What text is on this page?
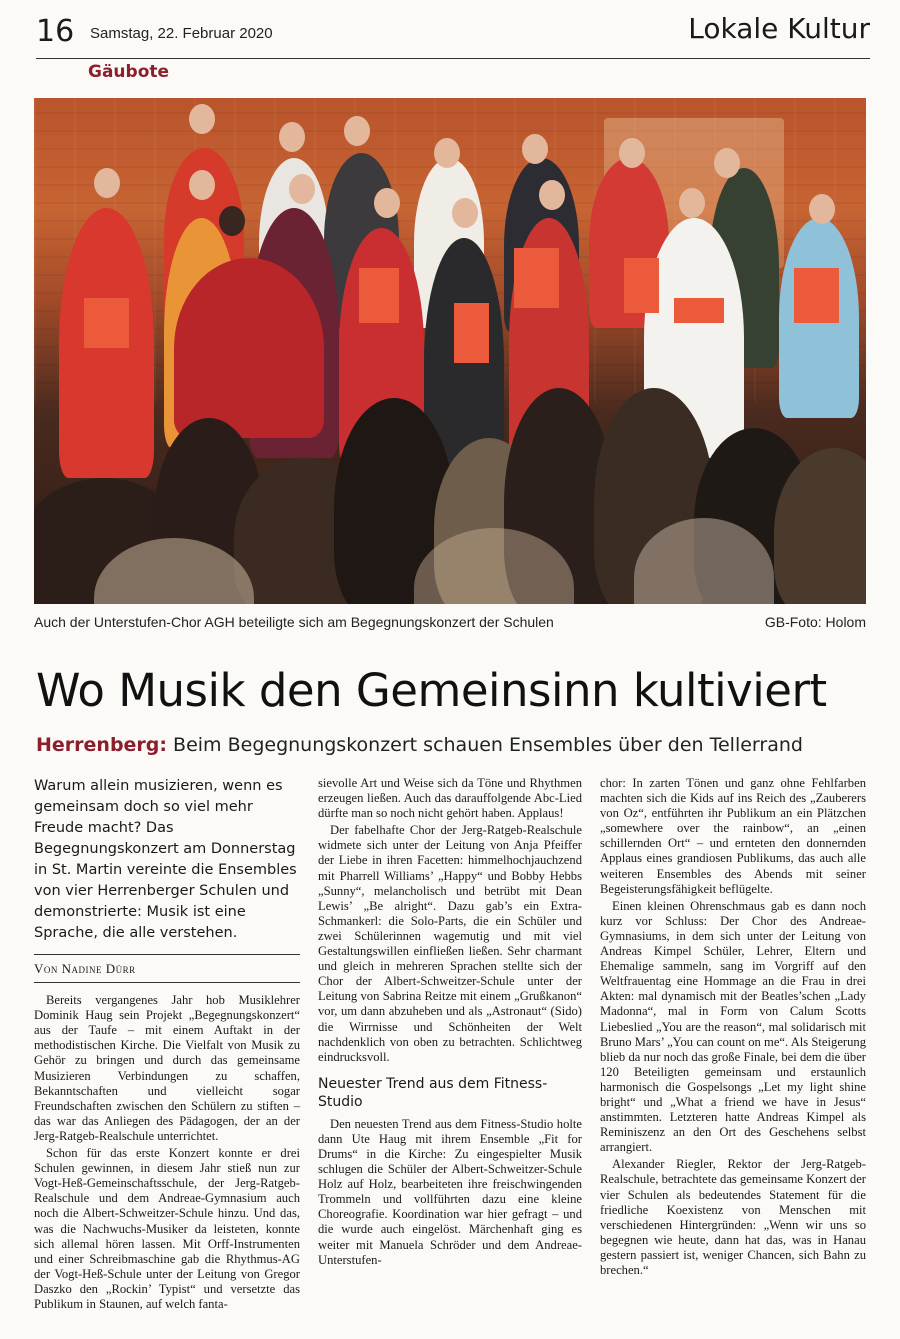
16 Samstag, 22. Februar 2020	Lokale Kultur
Gäubote
Auch der Unterstufen-Chor AGH beteiligte sich am Begegnungskonzert der Schulen	GB-Foto: Holom
Wo Musik den Gemeinsinn kultiviert
Herrenberg: Beim Begegnungskonzert schauen Ensembles über den Tellerrand
Warum allein musizieren, wenn es gemeinsam doch so viel mehr Freude macht? Das Begegnungskonzert am Donnerstag in St. Martin vereinte die Ensembles von vier Herrenberger Schulen und demonstrierte: Musik ist eine Sprache, die alle verstehen.
Von Nadine Dürr

Bereits vergangenes Jahr hob Musiklehrer Dominik Haug sein Projekt „Begegnungskonzert“ aus der Taufe – mit einem Auftakt in der methodistischen Kirche. Die Vielfalt von Musik zu Gehör zu bringen und durch das gemeinsame Musizieren Verbindungen zu schaffen, Bekanntschaften und vielleicht sogar Freundschaften zwischen den Schülern zu stiften – das war das Anliegen des Pädagogen, der an der Jerg-Ratgeb-Realschule unterrichtet.

Schon für das erste Konzert konnte er drei Schulen gewinnen, in diesem Jahr stieß nun zur Vogt-Heß-Gemeinschaftsschule, der Jerg-Ratgeb-Realschule und dem Andreae-Gymnasium auch noch die Albert-Schweitzer-Schule hinzu. Und das, was die Nachwuchs-Musiker da leisteten, konnte sich allemal hören lassen. Mit Orff-Instrumenten und einer Schreibmaschine gab die Rhythmus-AG der Vogt-Heß-Schule unter der Leitung von Gregor Daszko den „Rockin’ Typist“ und versetzte das Publikum in Staunen, auf welch fanta-

sievolle Art und Weise sich da Töne und Rhythmen erzeugen ließen. Auch das darauffolgende Abc-Lied dürfte man so noch nicht gehört haben. Applaus!

Der fabelhafte Chor der Jerg-Ratgeb-Realschule widmete sich unter der Leitung von Anja Pfeiffer der Liebe in ihren Facetten: himmelhochjauchzend mit Pharrell Williams’ „Happy“ und Bobby Hebbs „Sunny“, melancholisch und betrübt mit Dean Lewis’ „Be alright“. Dazu gab’s ein Extra-Schmankerl: die Solo-Parts, die ein Schüler und zwei Schülerinnen wagemutig und mit viel Gestaltungswillen einfließen ließen. Sehr charmant und gleich in mehreren Sprachen stellte sich der Chor der Albert-Schweitzer-Schule unter der Leitung von Sabrina Reitze mit einem „Grußkanon“ vor, um dann abzuheben und als „Astronaut“ (Sido) die Wirrnisse und Schönheiten der Welt nachdenklich von oben zu betrachten. Schlichtweg eindrucksvoll.

Neuester Trend aus dem Fitness-Studio

Den neuesten Trend aus dem Fitness-Studio holte dann Ute Haug mit ihrem Ensemble „Fit for Drums“ in die Kirche: Zu eingespielter Musik schlugen die Schüler der Albert-Schweitzer-Schule Holz auf Holz, bearbeiteten ihre freischwingenden Trommeln und vollführten dazu eine kleine Choreografie. Koordination war hier gefragt – und die wurde auch eingelöst. Märchenhaft ging es weiter mit Manuela Schröder und dem Andreae-Unterstufen-

chor: In zarten Tönen und ganz ohne Fehlfarben machten sich die Kids auf ins Reich des „Zauberers von Oz“, entführten ihr Publikum an ein Plätzchen „somewhere over the rainbow“, an „einen schillernden Ort“ – und ernteten den donnernden Applaus eines grandiosen Publikums, das auch alle weiteren Ensembles des Abends mit seiner Begeisterungsfähigkeit beflügelte.

Einen kleinen Ohrenschmaus gab es dann noch kurz vor Schluss: Der Chor des Andreae-Gymnasiums, in dem sich unter der Leitung von Andreas Kimpel Schüler, Lehrer, Eltern und Ehemalige sammeln, sang im Vorgriff auf den Weltfrauentag eine Hommage an die Frau in drei Akten: mal dynamisch mit der Beatles’schen „Lady Madonna“, mal in Form von Calum Scotts Liebeslied „You are the reason“, mal solidarisch mit Bruno Mars’ „You can count on me“. Als Steigerung blieb da nur noch das große Finale, bei dem die über 120 Beteiligten gemeinsam und erstaunlich harmonisch die Gospelsongs „Let my light shine bright“ und „What a friend we have in Jesus“ anstimmten. Letzteren hatte Andreas Kimpel als Reminiszenz an den Ort des Geschehens selbst arrangiert.

Alexander Riegler, Rektor der Jerg-Ratgeb-Realschule, betrachtete das gemeinsame Konzert der vier Schulen als bedeutendes Statement für die friedliche Koexistenz von Menschen mit verschiedenen Hintergründen: „Wenn wir uns so begegnen wie heute, dann hat das, was in Hanau gestern passiert ist, weniger Chancen, sich Bahn zu brechen.“
